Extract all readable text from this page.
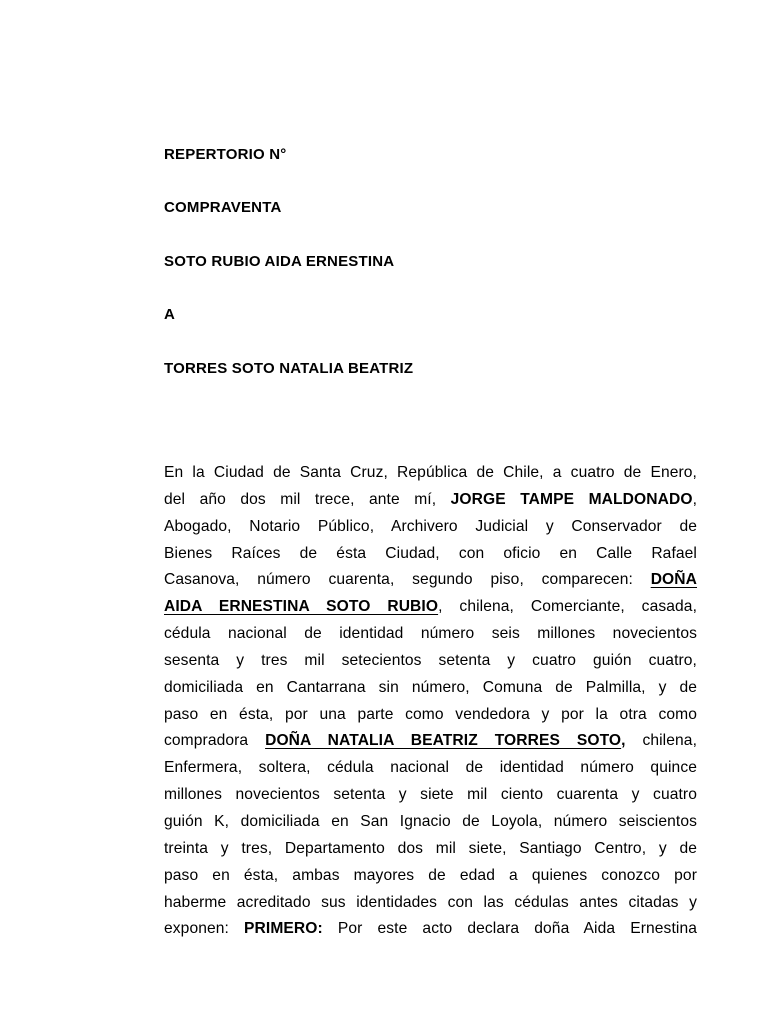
REPERTORIO N°

COMPRAVENTA

SOTO RUBIO AIDA ERNESTINA

A

TORRES SOTO NATALIA BEATRIZ

En la Ciudad de Santa Cruz, República de Chile, a cuatro de Enero,
del año dos mil trece, ante mí, JORGE TAMPE MALDONADO,
Abogado, Notario Público, Archivero Judicial y Conservador de
Bienes Raíces de ésta Ciudad, con oficio en Calle Rafael
Casanova, número cuarenta, segundo piso, comparecen: DOÑA
AIDA ERNESTINA SOTO RUBIO, chilena, Comerciante, casada,
cédula nacional de identidad número seis millones novecientos
sesenta y tres mil setecientos setenta y cuatro guión cuatro,
domiciliada en Cantarrana sin número, Comuna de Palmilla, y de
paso en ésta, por una parte como vendedora y por la otra como
compradora DOÑA NATALIA BEATRIZ TORRES SOTO, chilena,
Enfermera, soltera, cédula nacional de identidad número quince
millones novecientos setenta y siete mil ciento cuarenta y cuatro
guión K, domiciliada en San Ignacio de Loyola, número seiscientos
treinta y tres, Departamento dos mil siete, Santiago Centro, y de
paso en ésta, ambas mayores de edad a quienes conozco por
haberme acreditado sus identidades con las cédulas antes citadas y
exponen: PRIMERO: Por este acto declara doña Aida Ernestina
